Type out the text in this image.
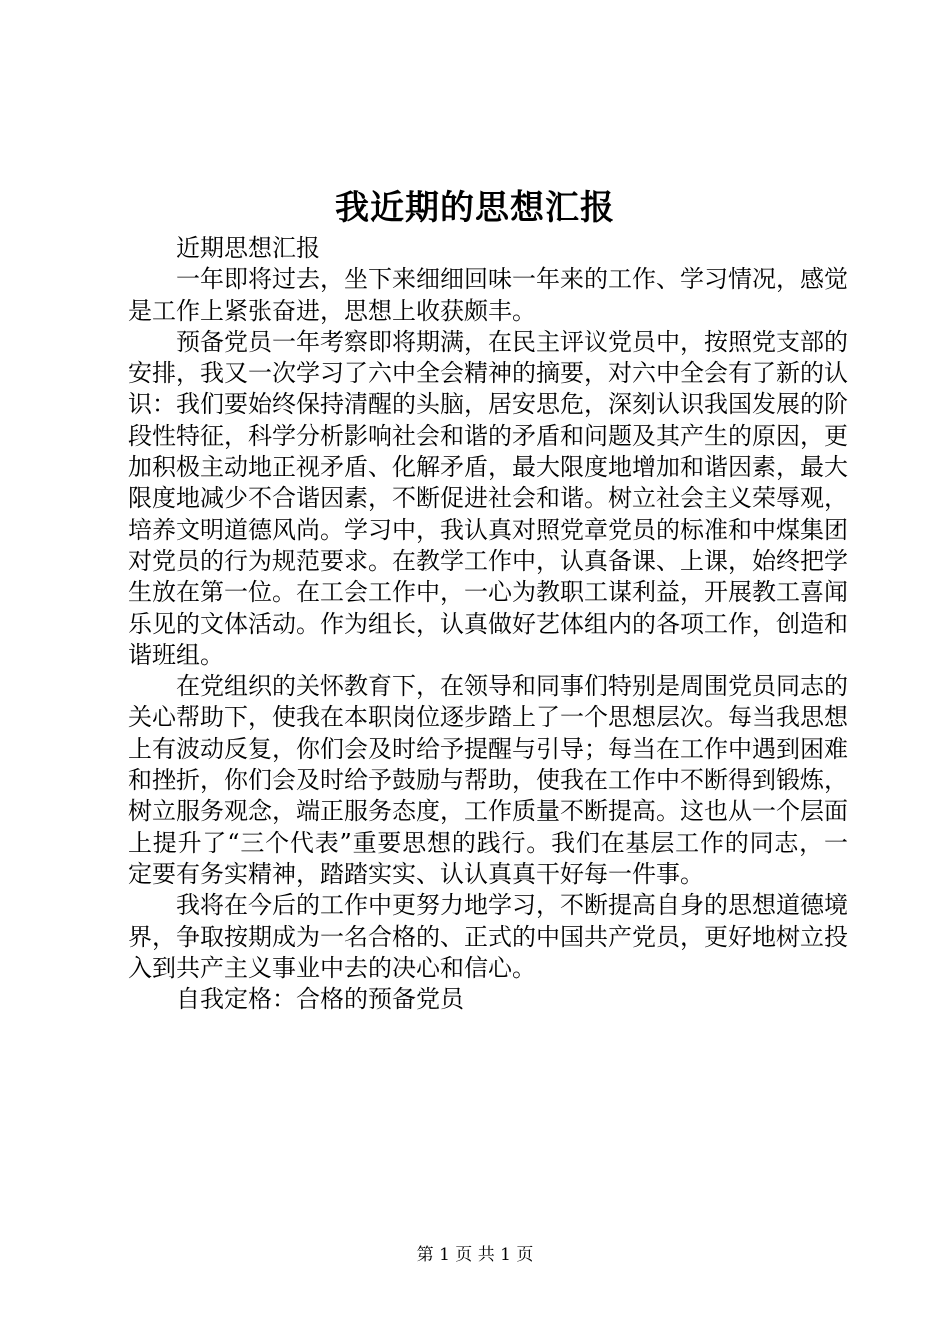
我近期的思想汇报

近期思想汇报

一年即将过去，坐下来细细回味一年来的工作、学习情况，感觉是工作上紧张奋进，思想上收获颇丰。

预备党员一年考察即将期满，在民主评议党员中，按照党支部的安排，我又一次学习了六中全会精神的摘要，对六中全会有了新的认识：我们要始终保持清醒的头脑，居安思危，深刻认识我国发展的阶段性特征，科学分析影响社会和谐的矛盾和问题及其产生的原因，更加积极主动地正视矛盾、化解矛盾，最大限度地增加和谐因素，最大限度地减少不合谐因素，不断促进社会和谐。树立社会主义荣辱观，培养文明道德风尚。学习中，我认真对照党章党员的标准和中煤集团对党员的行为规范要求。在教学工作中，认真备课、上课，始终把学生放在第一位。在工会工作中，一心为教职工谋利益，开展教工喜闻乐见的文体活动。作为组长，认真做好艺体组内的各项工作，创造和谐班组。

在党组织的关怀教育下，在领导和同事们特别是周围党员同志的关心帮助下，使我在本职岗位逐步踏上了一个思想层次。每当我思想上有波动反复，你们会及时给予提醒与引导；每当在工作中遇到困难和挫折，你们会及时给予鼓励与帮助，使我在工作中不断得到锻炼，树立服务观念，端正服务态度，工作质量不断提高。这也从一个层面上提升了“三个代表”重要思想的践行。我们在基层工作的同志，一定要有务实精神，踏踏实实、认认真真干好每一件事。

我将在今后的工作中更努力地学习，不断提高自身的思想道德境界，争取按期成为一名合格的、正式的中国共产党员，更好地树立投入到共产主义事业中去的决心和信心。

自我定格：合格的预备党员

第 1 页 共 1 页
